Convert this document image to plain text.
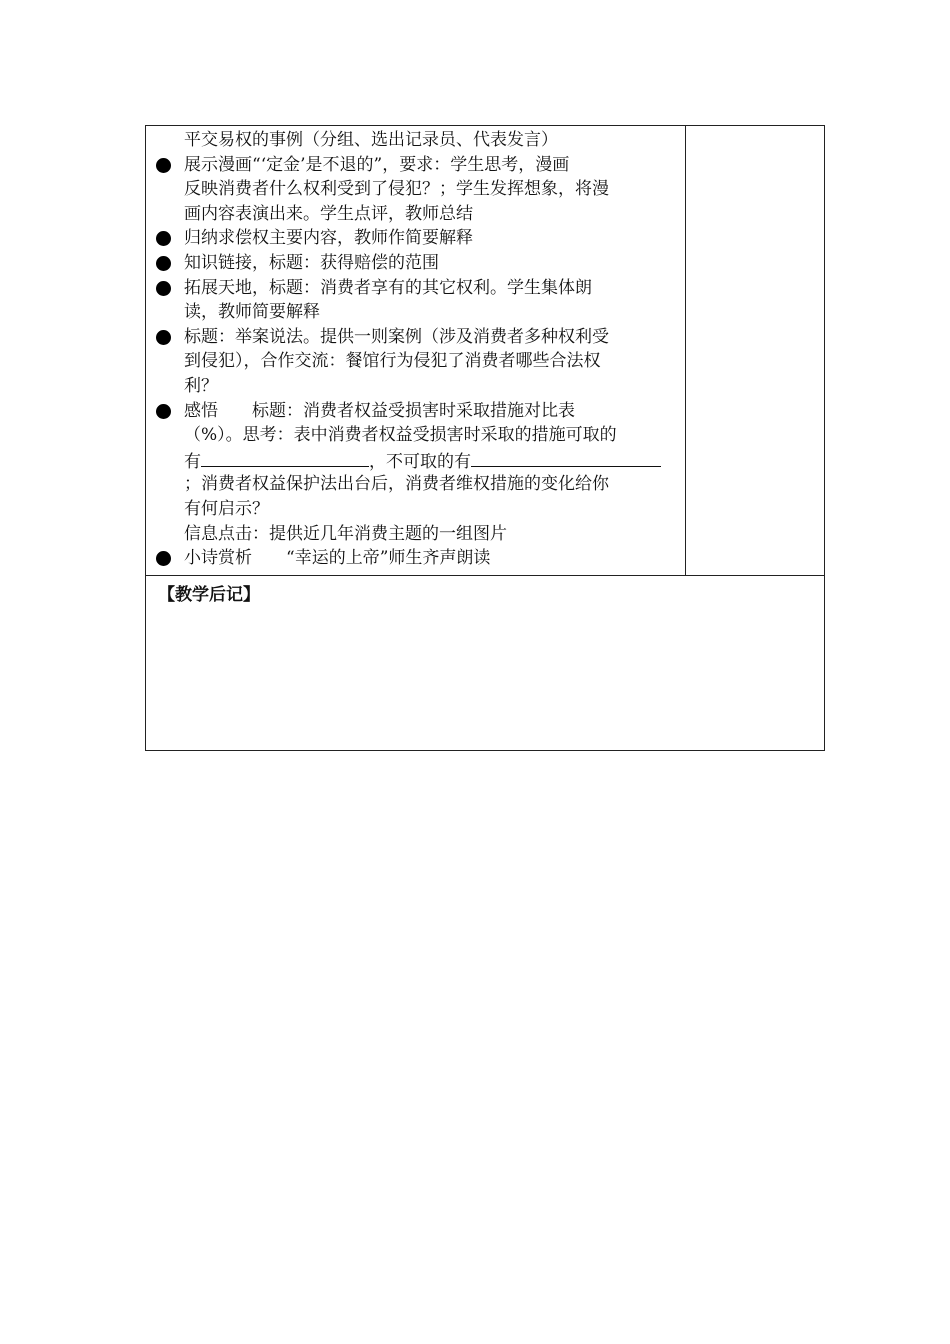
平交易权的事例（分组、选出记录员、代表发言）
展示漫画“‘定金’是不退的”，要求：学生思考，漫画
反映消费者什么权利受到了侵犯？；学生发挥想象，将漫
画内容表演出来。学生点评，教师总结
归纳求偿权主要内容，教师作简要解释
知识链接，标题：获得赔偿的范围
拓展天地，标题：消费者享有的其它权利。学生集体朗
读，教师简要解释
标题：举案说法。提供一则案例（涉及消费者多种权利受
到侵犯），合作交流：餐馆行为侵犯了消费者哪些合法权
利？
感悟　　标题：消费者权益受损害时采取措施对比表
（%）。思考：表中消费者权益受损害时采取的措施可取的
有	，不可取的有
；消费者权益保护法出台后，消费者维权措施的变化给你
有何启示？
信息点击：提供近几年消费主题的一组图片
小诗赏析　　“幸运的上帝”师生齐声朗读
【教学后记】
